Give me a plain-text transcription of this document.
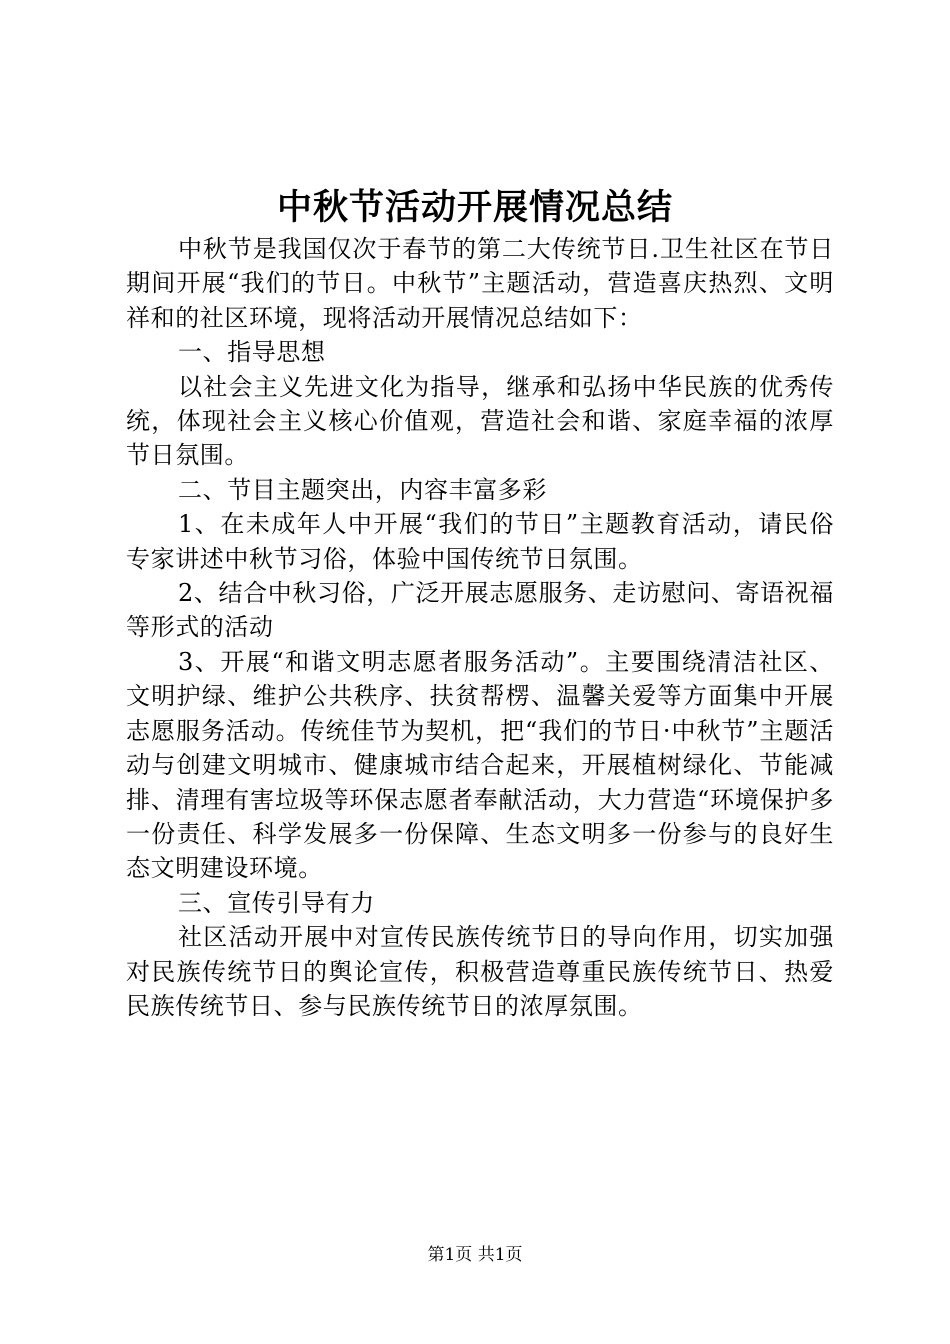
中秋节活动开展情况总结

中秋节是我国仅次于春节的第二大传统节日.卫生社区在节日期间开展“我们的节日。中秋节”主题活动，营造喜庆热烈、文明祥和的社区环境，现将活动开展情况总结如下：

一、指导思想

以社会主义先进文化为指导，继承和弘扬中华民族的优秀传统，体现社会主义核心价值观，营造社会和谐、家庭幸福的浓厚节日氛围。

二、节目主题突出，内容丰富多彩

1、在未成年人中开展“我们的节日”主题教育活动，请民俗专家讲述中秋节习俗，体验中国传统节日氛围。

2、结合中秋习俗，广泛开展志愿服务、走访慰问、寄语祝福等形式的活动

3、开展“和谐文明志愿者服务活动”。主要围绕清洁社区、文明护绿、维护公共秩序、扶贫帮楞、温馨关爱等方面集中开展志愿服务活动。传统佳节为契机，把“我们的节日·中秋节”主题活动与创建文明城市、健康城市结合起来，开展植树绿化、节能减排、清理有害垃圾等环保志愿者奉献活动，大力营造“环境保护多一份责任、科学发展多一份保障、生态文明多一份参与的良好生态文明建设环境。

三、宣传引导有力

社区活动开展中对宣传民族传统节日的导向作用，切实加强对民族传统节日的舆论宣传，积极营造尊重民族传统节日、热爱民族传统节日、参与民族传统节日的浓厚氛围。

第1页 共1页
